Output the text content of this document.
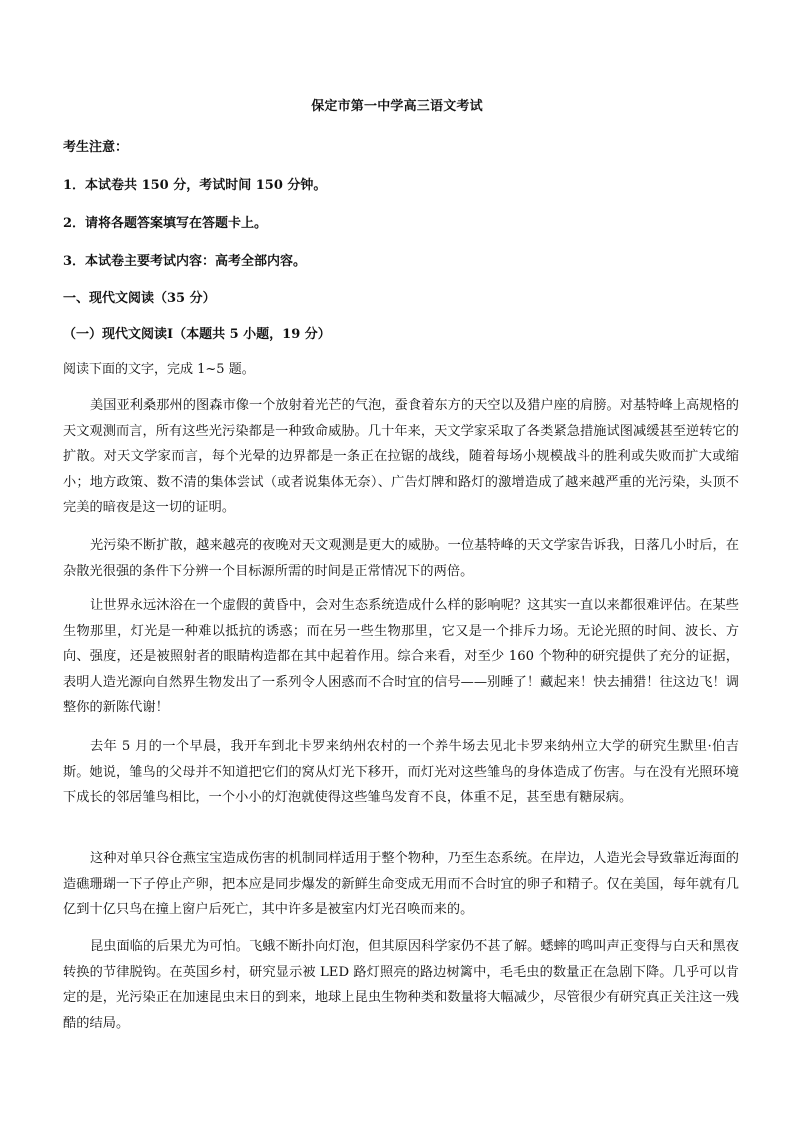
保定市第一中学高三语文考试
考生注意：
1．本试卷共 150 分，考试时间 150 分钟。
2．请将各题答案填写在答题卡上。
3．本试卷主要考试内容：高考全部内容。
一、现代文阅读（35 分）
（一）现代文阅读Ⅰ（本题共 5 小题，19 分）
阅读下面的文字，完成 1~5 题。
美国亚利桑那州的图森市像一个放射着光芒的气泡，蚕食着东方的天空以及猎户座的肩膀。对基特峰上高规格的天文观测而言，所有这些光污染都是一种致命威胁。几十年来，天文学家采取了各类紧急措施试图减缓甚至逆转它的扩散。对天文学家而言，每个光晕的边界都是一条正在拉锯的战线，随着每场小规模战斗的胜利或失败而扩大或缩小；地方政策、数不清的集体尝试（或者说集体无奈）、广告灯牌和路灯的激增造成了越来越严重的光污染，头顶不完美的暗夜是这一切的证明。
光污染不断扩散，越来越亮的夜晚对天文观测是更大的威胁。一位基特峰的天文学家告诉我，日落几小时后，在杂散光很强的条件下分辨一个目标源所需的时间是正常情况下的两倍。
让世界永远沐浴在一个虚假的黄昏中，会对生态系统造成什么样的影响呢？这其实一直以来都很难评估。在某些生物那里，灯光是一种难以抵抗的诱惑；而在另一些生物那里，它又是一个排斥力场。无论光照的时间、波长、方向、强度，还是被照射者的眼睛构造都在其中起着作用。综合来看，对至少 160 个物种的研究提供了充分的证据，表明人造光源向自然界生物发出了一系列令人困惑而不合时宜的信号——别睡了！藏起来！快去捕猎！往这边飞！调整你的新陈代谢！
去年 5 月的一个早晨，我开车到北卡罗来纳州农村的一个养牛场去见北卡罗来纳州立大学的研究生默里·伯吉斯。她说，雏鸟的父母并不知道把它们的窝从灯光下移开，而灯光对这些雏鸟的身体造成了伤害。与在没有光照环境下成长的邻居雏鸟相比，一个小小的灯泡就使得这些雏鸟发育不良，体重不足，甚至患有糖尿病。
这种对单只谷仓燕宝宝造成伤害的机制同样适用于整个物种，乃至生态系统。在岸边，人造光会导致靠近海面的造礁珊瑚一下子停止产卵，把本应是同步爆发的新鲜生命变成无用而不合时宜的卵子和精子。仅在美国，每年就有几亿到十亿只鸟在撞上窗户后死亡，其中许多是被室内灯光召唤而来的。
昆虫面临的后果尤为可怕。飞蛾不断扑向灯泡，但其原因科学家仍不甚了解。蟋蟀的鸣叫声正变得与白天和黑夜转换的节律脱钩。在英国乡村，研究显示被 LED 路灯照亮的路边树篱中，毛毛虫的数量正在急剧下降。几乎可以肯定的是，光污染正在加速昆虫末日的到来，地球上昆虫生物种类和数量将大幅减少，尽管很少有研究真正关注这一残酷的结局。
